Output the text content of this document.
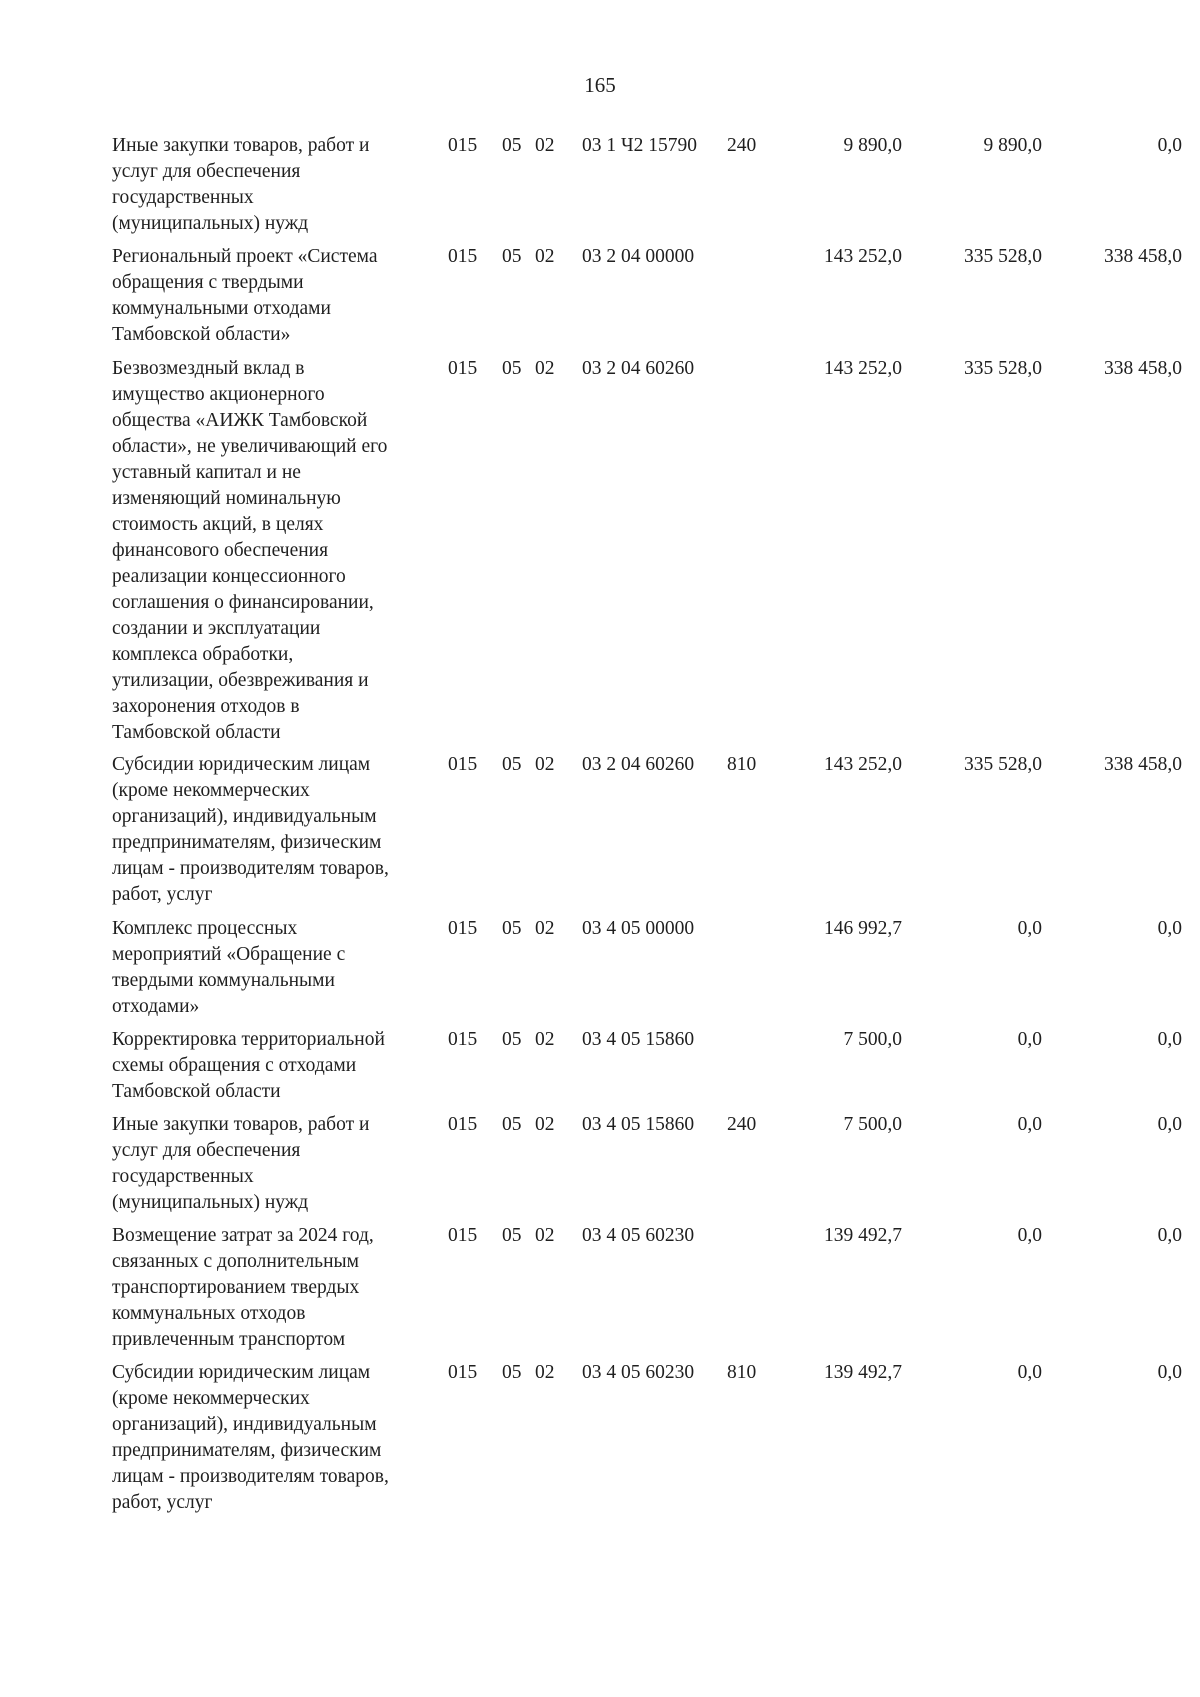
165
Иные закупки товаров, работ и
услуг для обеспечения
государственных
(муниципальных) нужд
015 05 02 03 1 Ч2 15790 240	9 890,0	9 890,0	0,0
Региональный проект «Система
обращения с твердыми
коммунальными отходами
Тамбовской области»
015 05 02 03 2 04 00000	143 252,0	335 528,0	338 458,0
Безвозмездный вклад в
имущество акционерного
общества «АИЖК Тамбовской
области», не увеличивающий его
уставный капитал и не
изменяющий номинальную
стоимость акций, в целях
финансового обеспечения
реализации концессионного
соглашения о финансировании,
создании и эксплуатации
комплекса обработки,
утилизации, обезвреживания и
захоронения отходов в
Тамбовской области
015 05 02 03 2 04 60260	143 252,0	335 528,0	338 458,0
Субсидии юридическим лицам
(кроме некоммерческих
организаций), индивидуальным
предпринимателям, физическим
лицам - производителям товаров,
работ, услуг
015 05 02 03 2 04 60260 810	143 252,0	335 528,0	338 458,0
Комплекс процессных
мероприятий «Обращение с
твердыми коммунальными
отходами»
015 05 02 03 4 05 00000	146 992,7	0,0	0,0
Корректировка территориальной
схемы обращения с отходами
Тамбовской области
015 05 02 03 4 05 15860	7 500,0	0,0	0,0
Иные закупки товаров, работ и
услуг для обеспечения
государственных
(муниципальных) нужд
015 05 02 03 4 05 15860 240	7 500,0	0,0	0,0
Возмещение затрат за 2024 год,
связанных с дополнительным
транспортированием твердых
коммунальных отходов
привлеченным транспортом
015 05 02 03 4 05 60230	139 492,7	0,0	0,0
Субсидии юридическим лицам
(кроме некоммерческих
организаций), индивидуальным
предпринимателям, физическим
лицам - производителям товаров,
работ, услуг
015 05 02 03 4 05 60230 810	139 492,7	0,0	0,0
